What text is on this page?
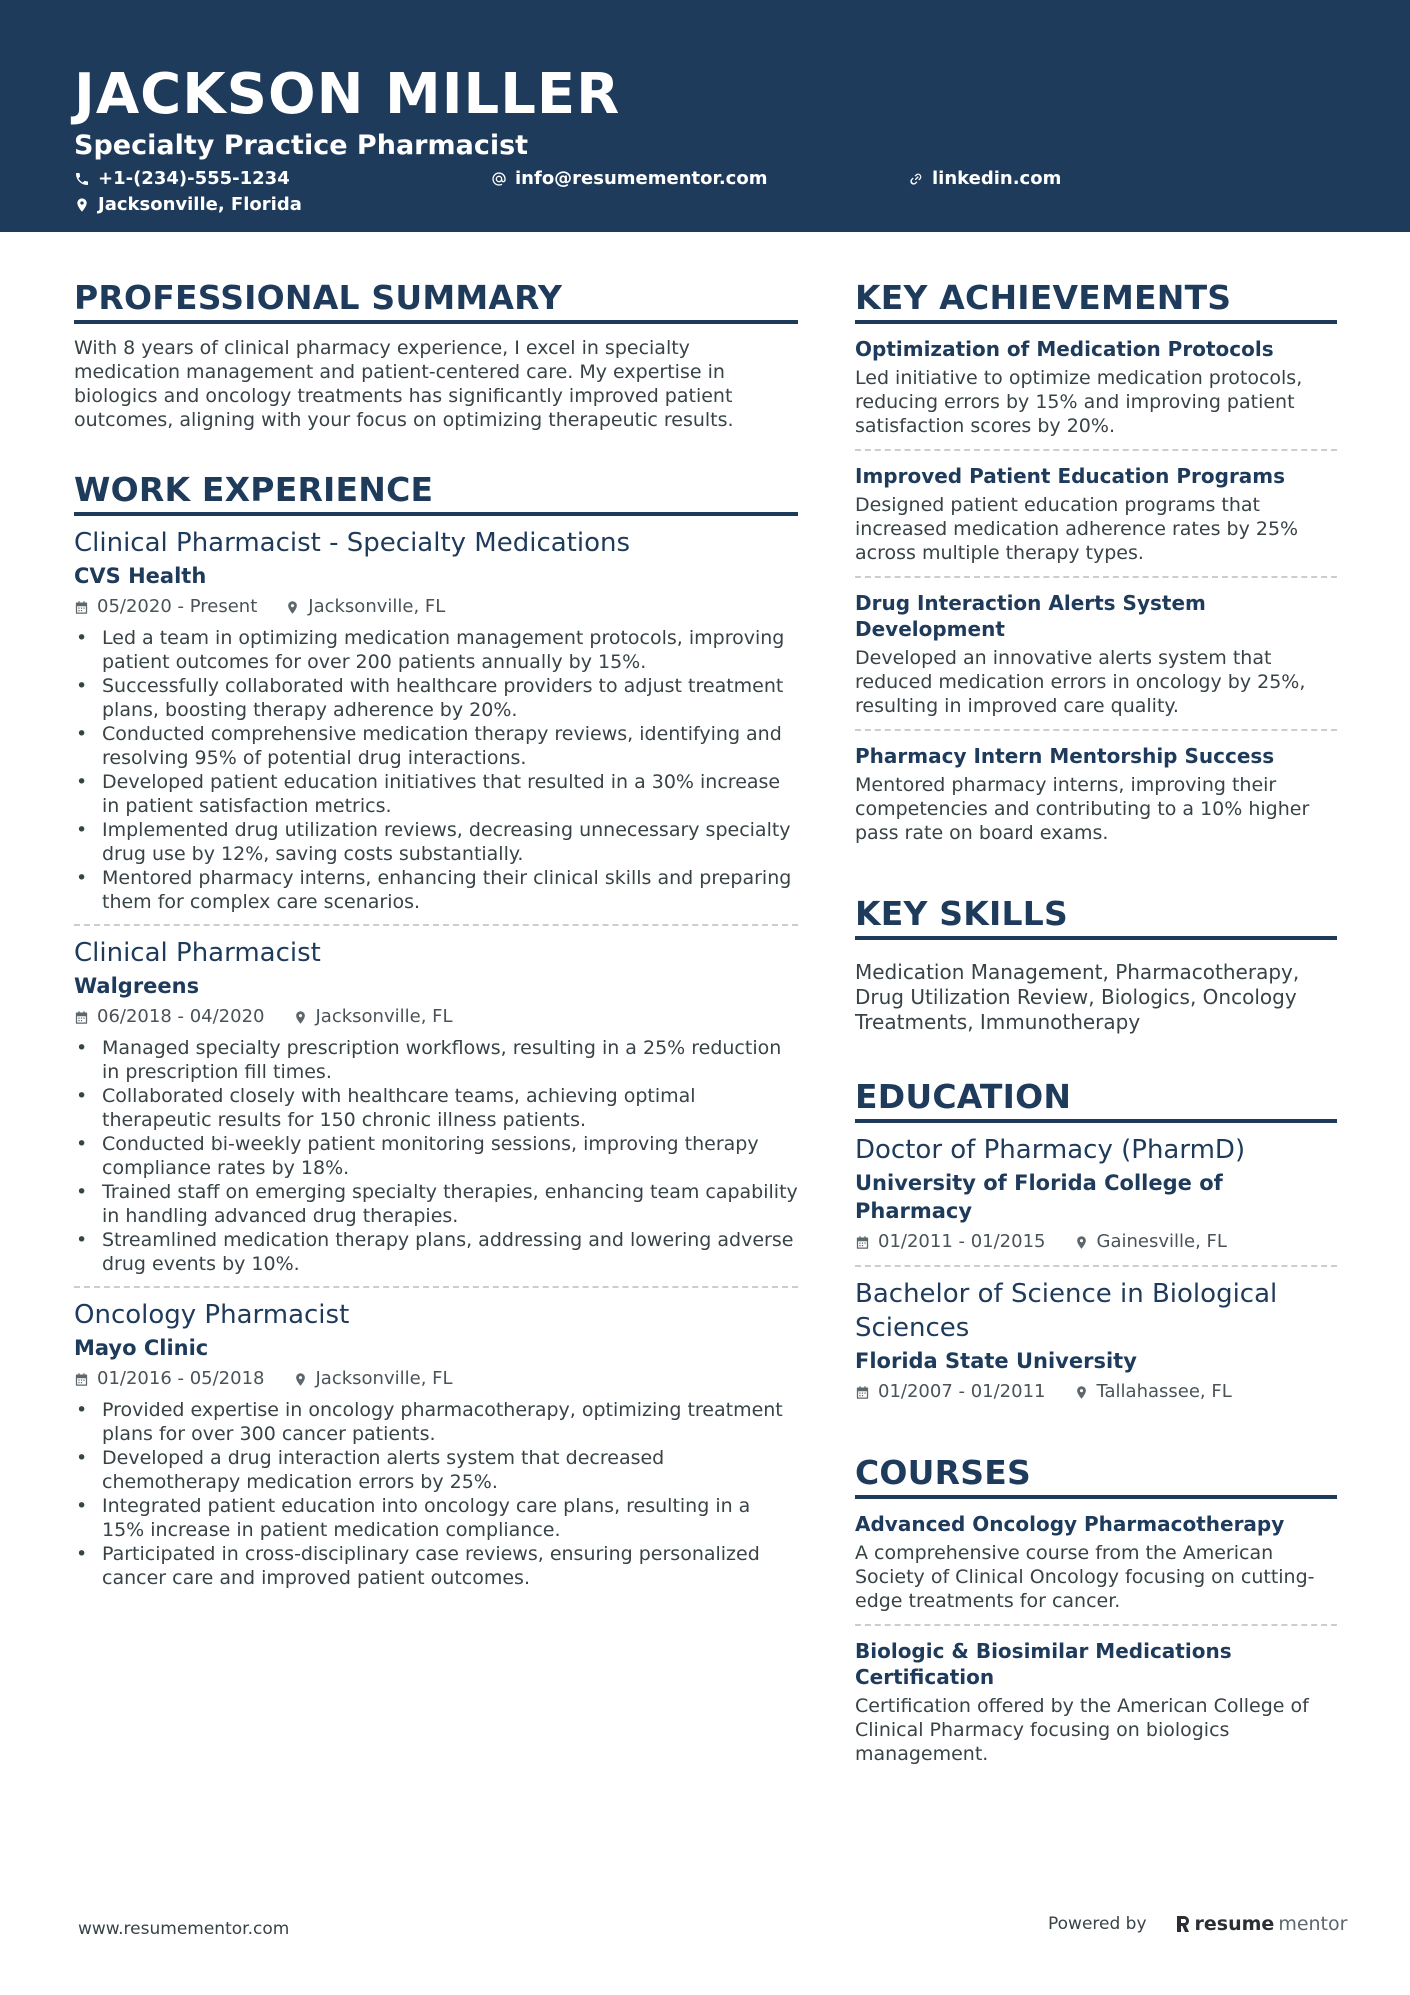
JACKSON MILLER
Specialty Practice Pharmacist
+1-(234)-555-1234	info@resumementor.com	linkedin.com
Jacksonville, Florida
PROFESSIONAL SUMMARY
With 8 years of clinical pharmacy experience, I excel in specialty medication management and patient-centered care. My expertise in biologics and oncology treatments has significantly improved patient outcomes, aligning with your focus on optimizing therapeutic results.
WORK EXPERIENCE
Clinical Pharmacist - Specialty Medications
CVS Health
05/2020 - Present	Jacksonville, FL
• Led a team in optimizing medication management protocols, improving patient outcomes for over 200 patients annually by 15%.
• Successfully collaborated with healthcare providers to adjust treatment plans, boosting therapy adherence by 20%.
• Conducted comprehensive medication therapy reviews, identifying and resolving 95% of potential drug interactions.
• Developed patient education initiatives that resulted in a 30% increase in patient satisfaction metrics.
• Implemented drug utilization reviews, decreasing unnecessary specialty drug use by 12%, saving costs substantially.
• Mentored pharmacy interns, enhancing their clinical skills and preparing them for complex care scenarios.
Clinical Pharmacist
Walgreens
06/2018 - 04/2020	Jacksonville, FL
• Managed specialty prescription workflows, resulting in a 25% reduction in prescription fill times.
• Collaborated closely with healthcare teams, achieving optimal therapeutic results for 150 chronic illness patients.
• Conducted bi-weekly patient monitoring sessions, improving therapy compliance rates by 18%.
• Trained staff on emerging specialty therapies, enhancing team capability in handling advanced drug therapies.
• Streamlined medication therapy plans, addressing and lowering adverse drug events by 10%.
Oncology Pharmacist
Mayo Clinic
01/2016 - 05/2018	Jacksonville, FL
• Provided expertise in oncology pharmacotherapy, optimizing treatment plans for over 300 cancer patients.
• Developed a drug interaction alerts system that decreased chemotherapy medication errors by 25%.
• Integrated patient education into oncology care plans, resulting in a 15% increase in patient medication compliance.
• Participated in cross-disciplinary case reviews, ensuring personalized cancer care and improved patient outcomes.
KEY ACHIEVEMENTS
Optimization of Medication Protocols
Led initiative to optimize medication protocols, reducing errors by 15% and improving patient satisfaction scores by 20%.
Improved Patient Education Programs
Designed patient education programs that increased medication adherence rates by 25% across multiple therapy types.
Drug Interaction Alerts System Development
Developed an innovative alerts system that reduced medication errors in oncology by 25%, resulting in improved care quality.
Pharmacy Intern Mentorship Success
Mentored pharmacy interns, improving their competencies and contributing to a 10% higher pass rate on board exams.
KEY SKILLS
Medication Management, Pharmacotherapy, Drug Utilization Review, Biologics, Oncology Treatments, Immunotherapy
EDUCATION
Doctor of Pharmacy (PharmD)
University of Florida College of Pharmacy
01/2011 - 01/2015	Gainesville, FL
Bachelor of Science in Biological Sciences
Florida State University
01/2007 - 01/2011	Tallahassee, FL
COURSES
Advanced Oncology Pharmacotherapy
A comprehensive course from the American Society of Clinical Oncology focusing on cutting-edge treatments for cancer.
Biologic & Biosimilar Medications Certification
Certification offered by the American College of Clinical Pharmacy focusing on biologics management.
www.resumementor.com	Powered by	resume mentor
